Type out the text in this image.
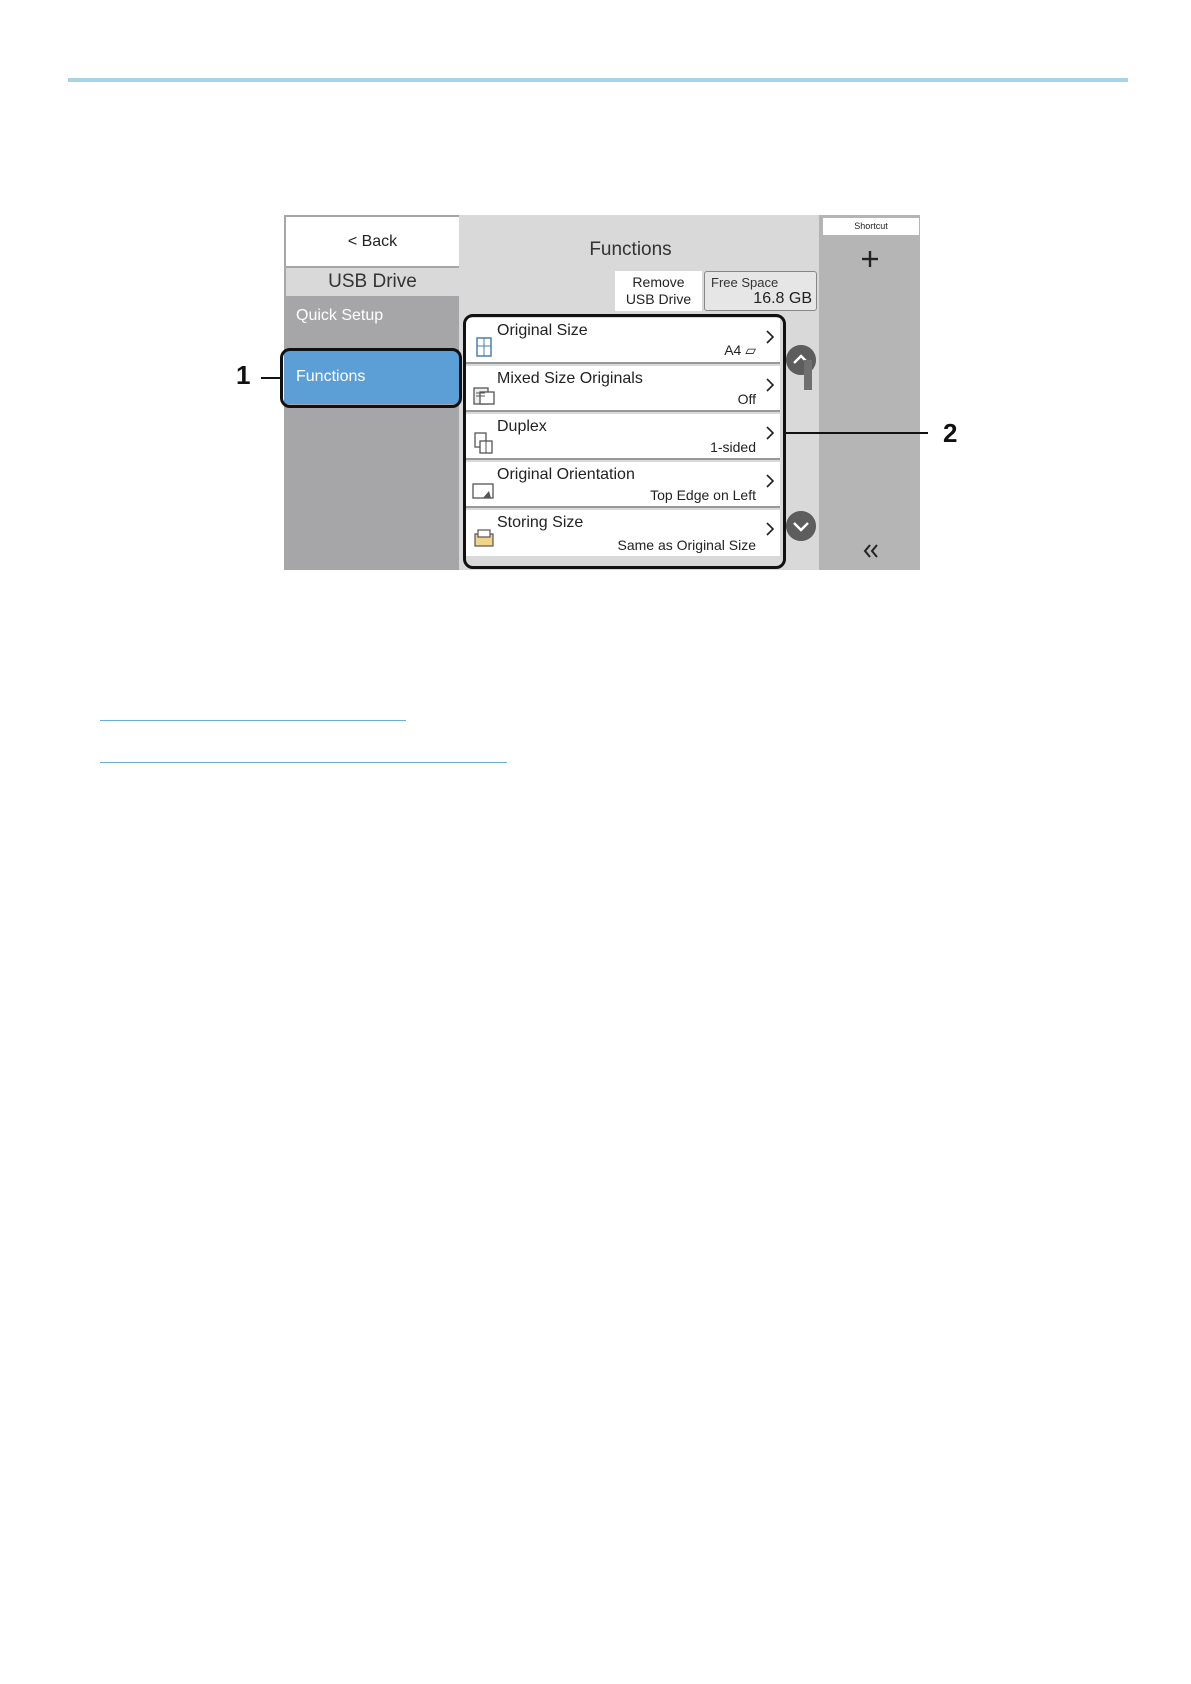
< Back
USB Drive
Quick Setup
Functions
Functions
Remove
USB Drive
Free Space
16.8 GB
Original Size
A4 ▱
Mixed Size Originals
Off
Duplex
1-sided
Original Orientation
Top Edge on Left
Storing Size
Same as Original Size
Shortcut
1
2
